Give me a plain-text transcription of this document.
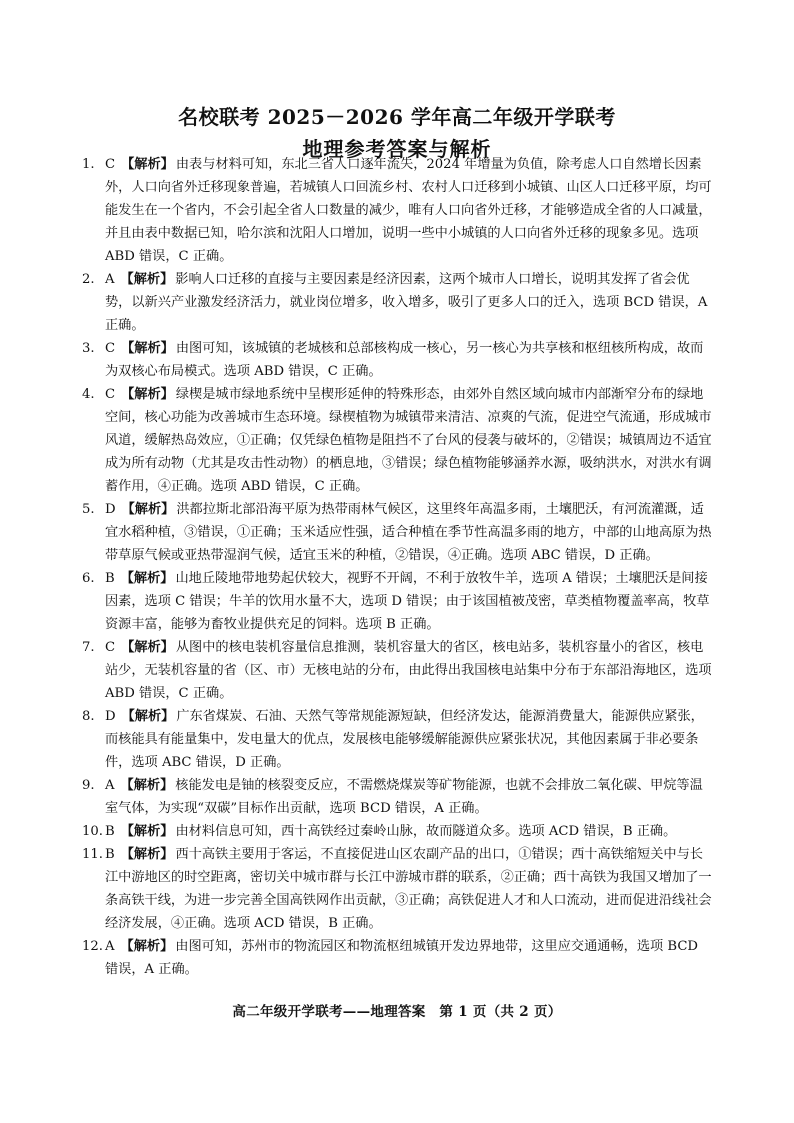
名校联考 2025－2026 学年高二年级开学联考
地理参考答案与解析
1. C 【解析】 由表与材料可知，东北三省人口逐年流失，2024 年增量为负值，除考虑人口自然增长因素外，人口向省外迁移现象普遍，若城镇人口回流乡村、农村人口迁移到小城镇、山区人口迁移平原，均可能发生在一个省内，不会引起全省人口数量的减少，唯有人口向省外迁移，才能够造成全省的人口减量，并且由表中数据已知，哈尔滨和沈阳人口增加，说明一些中小城镇的人口向省外迁移的现象多见。选项 ABD 错误，C 正确。
2. A 【解析】 影响人口迁移的直接与主要因素是经济因素，这两个城市人口增长，说明其发挥了省会优势，以新兴产业激发经济活力，就业岗位增多，收入增多，吸引了更多人口的迁入，选项 BCD 错误，A 正确。
3. C 【解析】 由图可知，该城镇的老城核和总部核构成一核心，另一核心为共享核和枢纽核所构成，故而为双核心布局模式。选项 ABD 错误，C 正确。
4. C 【解析】 绿楔是城市绿地系统中呈楔形延伸的特殊形态，由郊外自然区域向城市内部渐窄分布的绿地空间，核心功能为改善城市生态环境。绿楔植物为城镇带来清洁、凉爽的气流，促进空气流通，形成城市风道，缓解热岛效应，①正确；仅凭绿色植物是阻挡不了台风的侵袭与破坏的，②错误；城镇周边不适宜成为所有动物（尤其是攻击性动物）的栖息地，③错误；绿色植物能够涵养水源，吸纳洪水，对洪水有调蓄作用，④正确。选项 ABD 错误，C 正确。
5. D 【解析】 洪都拉斯北部沿海平原为热带雨林气候区，这里终年高温多雨，土壤肥沃，有河流灌溉，适宜水稻种植，③错误，①正确；玉米适应性强，适合种植在季节性高温多雨的地方，中部的山地高原为热带草原气候或亚热带湿润气候，适宜玉米的种植，②错误，④正确。选项 ABC 错误，D 正确。
6. B 【解析】 山地丘陵地带地势起伏较大，视野不开阔，不利于放牧牛羊，选项 A 错误；土壤肥沃是间接因素，选项 C 错误；牛羊的饮用水量不大，选项 D 错误；由于该国植被茂密，草类植物覆盖率高，牧草资源丰富，能够为畜牧业提供充足的饲料。选项 B 正确。
7. C 【解析】 从图中的核电装机容量信息推测，装机容量大的省区，核电站多，装机容量小的省区，核电站少，无装机容量的省（区、市）无核电站的分布，由此得出我国核电站集中分布于东部沿海地区，选项 ABD 错误，C 正确。
8. D 【解析】 广东省煤炭、石油、天然气等常规能源短缺，但经济发达，能源消费量大，能源供应紧张，而核能具有能量集中，发电量大的优点，发展核电能够缓解能源供应紧张状况，其他因素属于非必要条件，选项 ABC 错误，D 正确。
9. A 【解析】 核能发电是铀的核裂变反应，不需燃烧煤炭等矿物能源，也就不会排放二氧化碳、甲烷等温室气体，为实现“双碳”目标作出贡献，选项 BCD 错误，A 正确。
10. B 【解析】 由材料信息可知，西十高铁经过秦岭山脉，故而隧道众多。选项 ACD 错误，B 正确。
11. B 【解析】 西十高铁主要用于客运，不直接促进山区农副产品的出口，①错误；西十高铁缩短关中与长江中游地区的时空距离，密切关中城市群与长江中游城市群的联系，②正确；西十高铁为我国又增加了一条高铁干线，为进一步完善全国高铁网作出贡献，③正确；高铁促进人才和人口流动，进而促进沿线社会经济发展，④正确。选项 ACD 错误，B 正确。
12. A 【解析】 由图可知，苏州市的物流园区和物流枢纽城镇开发边界地带，这里应交通通畅，选项 BCD 错误，A 正确。
高二年级开学联考——地理答案　第 1 页（共 2 页）
